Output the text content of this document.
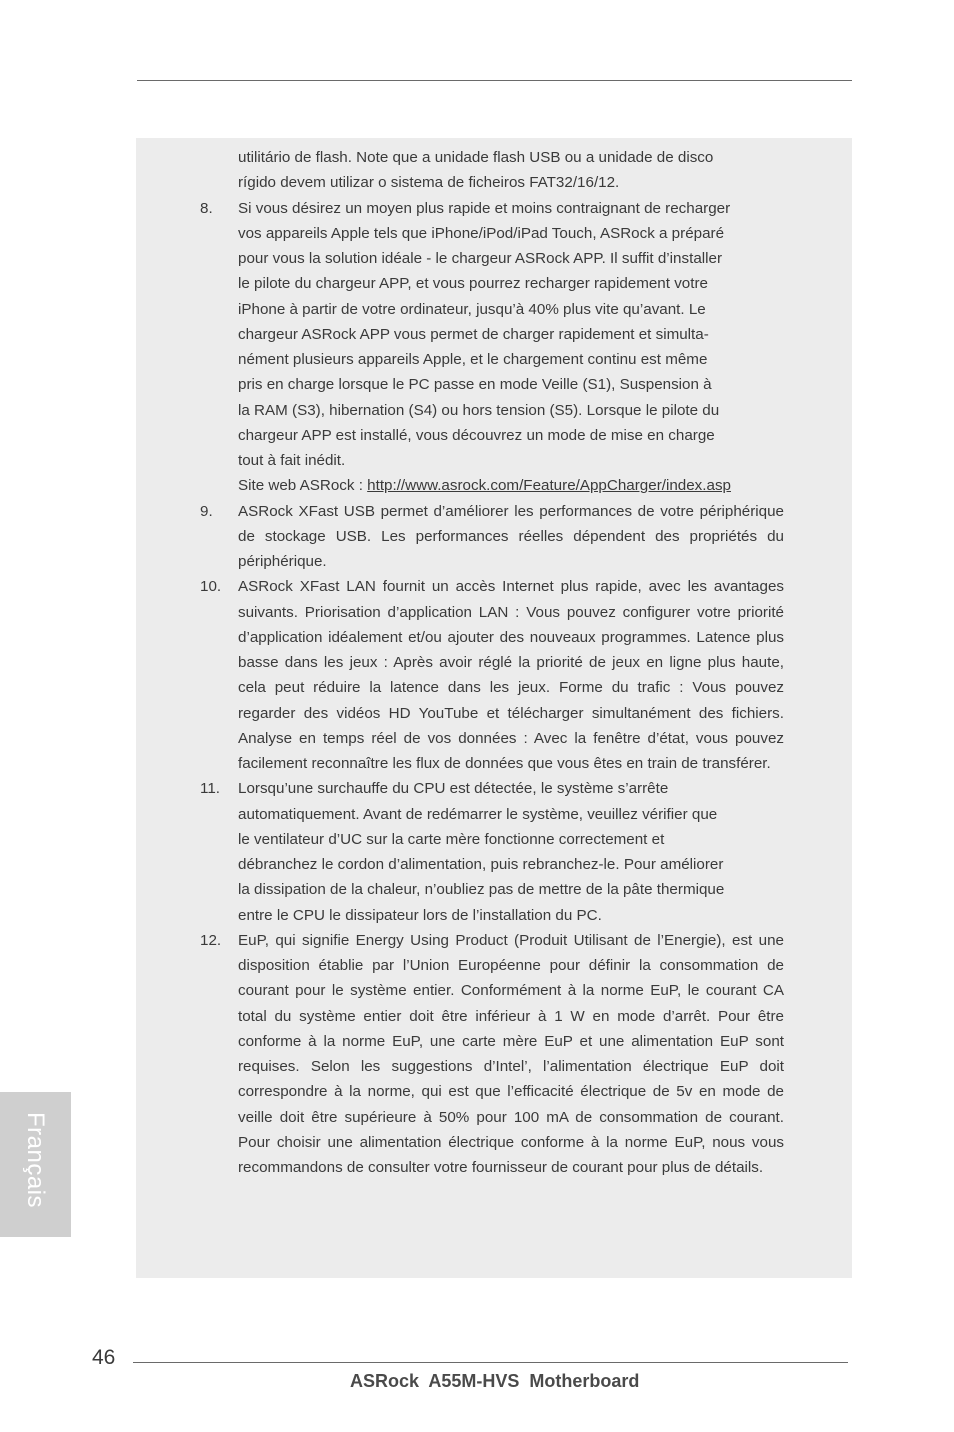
utilitário de flash. Note que a unidade flash USB ou a unidade de disco
rígido devem utilizar o sistema de ficheiros FAT32/16/12.
8.	Si vous désirez un moyen plus rapide et moins contraignant de recharger
vos appareils Apple tels que iPhone/iPod/iPad Touch, ASRock a préparé
pour vous la solution idéale - le chargeur ASRock APP. Il suffit d’installer
le pilote du chargeur APP, et vous pourrez recharger rapidement votre
iPhone à partir de votre ordinateur, jusqu’à 40% plus vite qu’avant. Le
chargeur ASRock APP vous permet de charger rapidement et simulta-
nément plusieurs appareils Apple, et le chargement continu est même
pris en charge lorsque le PC passe en mode Veille (S1), Suspension à
la RAM (S3), hibernation (S4) ou hors tension (S5). Lorsque le pilote du
chargeur APP est installé, vous découvrez un mode de mise en charge
tout à fait inédit.
Site web ASRock : http://www.asrock.com/Feature/AppCharger/index.asp
9.	ASRock XFast USB permet d’améliorer les performances de votre périphérique de stockage USB. Les performances réelles dépendent des propriétés du périphérique.
10.	ASRock XFast LAN fournit un accès Internet plus rapide, avec les avantages suivants. Priorisation d’application LAN : Vous pouvez configurer votre priorité d’application idéalement et/ou ajouter des nouveaux programmes. Latence plus basse dans les jeux : Après avoir réglé la priorité de jeux en ligne plus haute, cela peut réduire la latence dans les jeux. Forme du trafic : Vous pouvez regarder des vidéos HD YouTube et télécharger simultanément des fichiers. Analyse en temps réel de vos données : Avec la fenêtre d’état, vous pouvez facilement reconnaître les flux de données que vous êtes en train de transférer.
11.	Lorsqu’une surchauffe du CPU est détectée, le système s’arrête
automatiquement. Avant de redémarrer le système, veuillez vérifier que
le ventilateur d’UC sur la carte mère fonctionne correctement et
débranchez le cordon d’alimentation, puis rebranchez-le. Pour améliorer
la dissipation de la chaleur, n’oubliez pas de mettre de la pâte thermique
entre le CPU le dissipateur lors de l’installation du PC.
12.	EuP, qui signifie Energy Using Product (Produit Utilisant de l’Energie), est une disposition établie par l’Union Européenne pour définir la consommation de courant pour le système entier. Conformément à la norme EuP, le courant CA total du système entier doit être inférieur à 1 W en mode d’arrêt. Pour être conforme à la norme EuP, une carte mère EuP et une alimentation EuP sont requises. Selon les suggestions d’Intel’, l’alimentation électrique EuP doit correspondre à la norme, qui est que l’efficacité électrique de 5v en mode de veille doit être supérieure à 50% pour 100 mA de consommation de courant. Pour choisir une alimentation électrique conforme à la norme EuP, nous vous recommandons de consulter votre fournisseur de courant pour plus de détails.
Français
46
ASRock  A55M-HVS  Motherboard
